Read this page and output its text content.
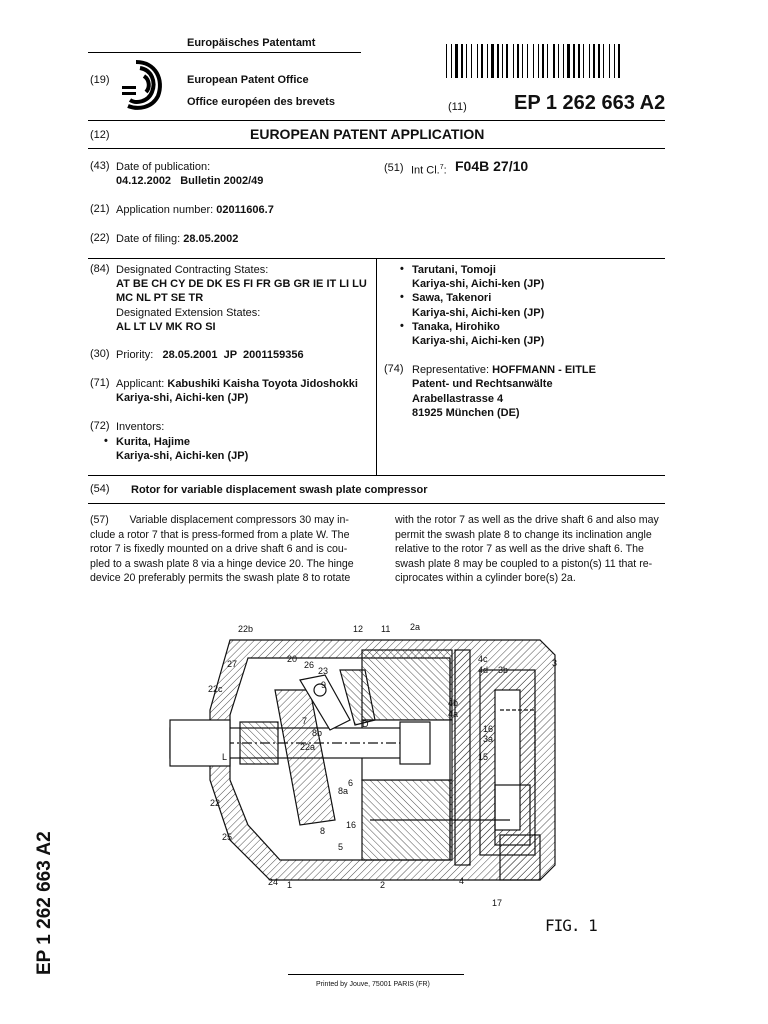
(19)
Europäisches Patentamt
European Patent Office
Office européen des brevets	(11) EP 1 262 663 A2
(12)	EUROPEAN PATENT APPLICATION
(43) Date of publication:
04.12.2002   Bulletin 2002/49
(51) Int Cl.$^7$: F04B 27/10
(21) Application number: 02011606.7
(22) Date of filing: 28.05.2002
(84) Designated Contracting States:
AT BE CH CY DE DK ES FI FR GB GR IE IT LI LU
MC NL PT SE TR
Designated Extension States:
AL LT LV MK RO SI
(30) Priority: 28.05.2001  JP  2001159356
(71) Applicant: Kabushiki Kaisha Toyota Jidoshokki
Kariya-shi, Aichi-ken (JP)
(72) Inventors:
• Kurita, Hajime
Kariya-shi, Aichi-ken (JP)
• Tarutani, Tomoji
Kariya-shi, Aichi-ken (JP)
• Sawa, Takenori
Kariya-shi, Aichi-ken (JP)
• Tanaka, Hirohiko
Kariya-shi, Aichi-ken (JP)
(74) Representative: HOFFMANN - EITLE
Patent- und Rechtsanwälte
Arabellastrasse 4
81925 München (DE)
(54) Rotor for variable displacement swash plate compressor
(57) Variable displacement compressors 30 may in-
clude a rotor 7 that is press-formed from a plate W. The
rotor 7 is fixedly mounted on a drive shaft 6 and is cou-
pled to a swash plate 8 via a hinge device 20. The hinge
device 20 preferably permits the swash plate 8 to rotate
with the rotor 7 as well as the drive shaft 6 and also may
permit the swash plate 8 to change its inclination angle
relative to the rotor 7 as well as the drive shaft 6. The
swash plate 8 may be coupled to a piston(s) 11 that re-
ciprocates within a cylinder bore(s) 2a.
22b	12 11 2a
27	20
26
23
9
4c
4d 3b
3
22c
7	D
4b
4a
16
3a
8b
L
22a
15
8a
6
22
16
8
25
5
24 1	2	4
17
FIG. 1
EP 1 262 663 A2
Printed by Jouve, 75001 PARIS (FR)
